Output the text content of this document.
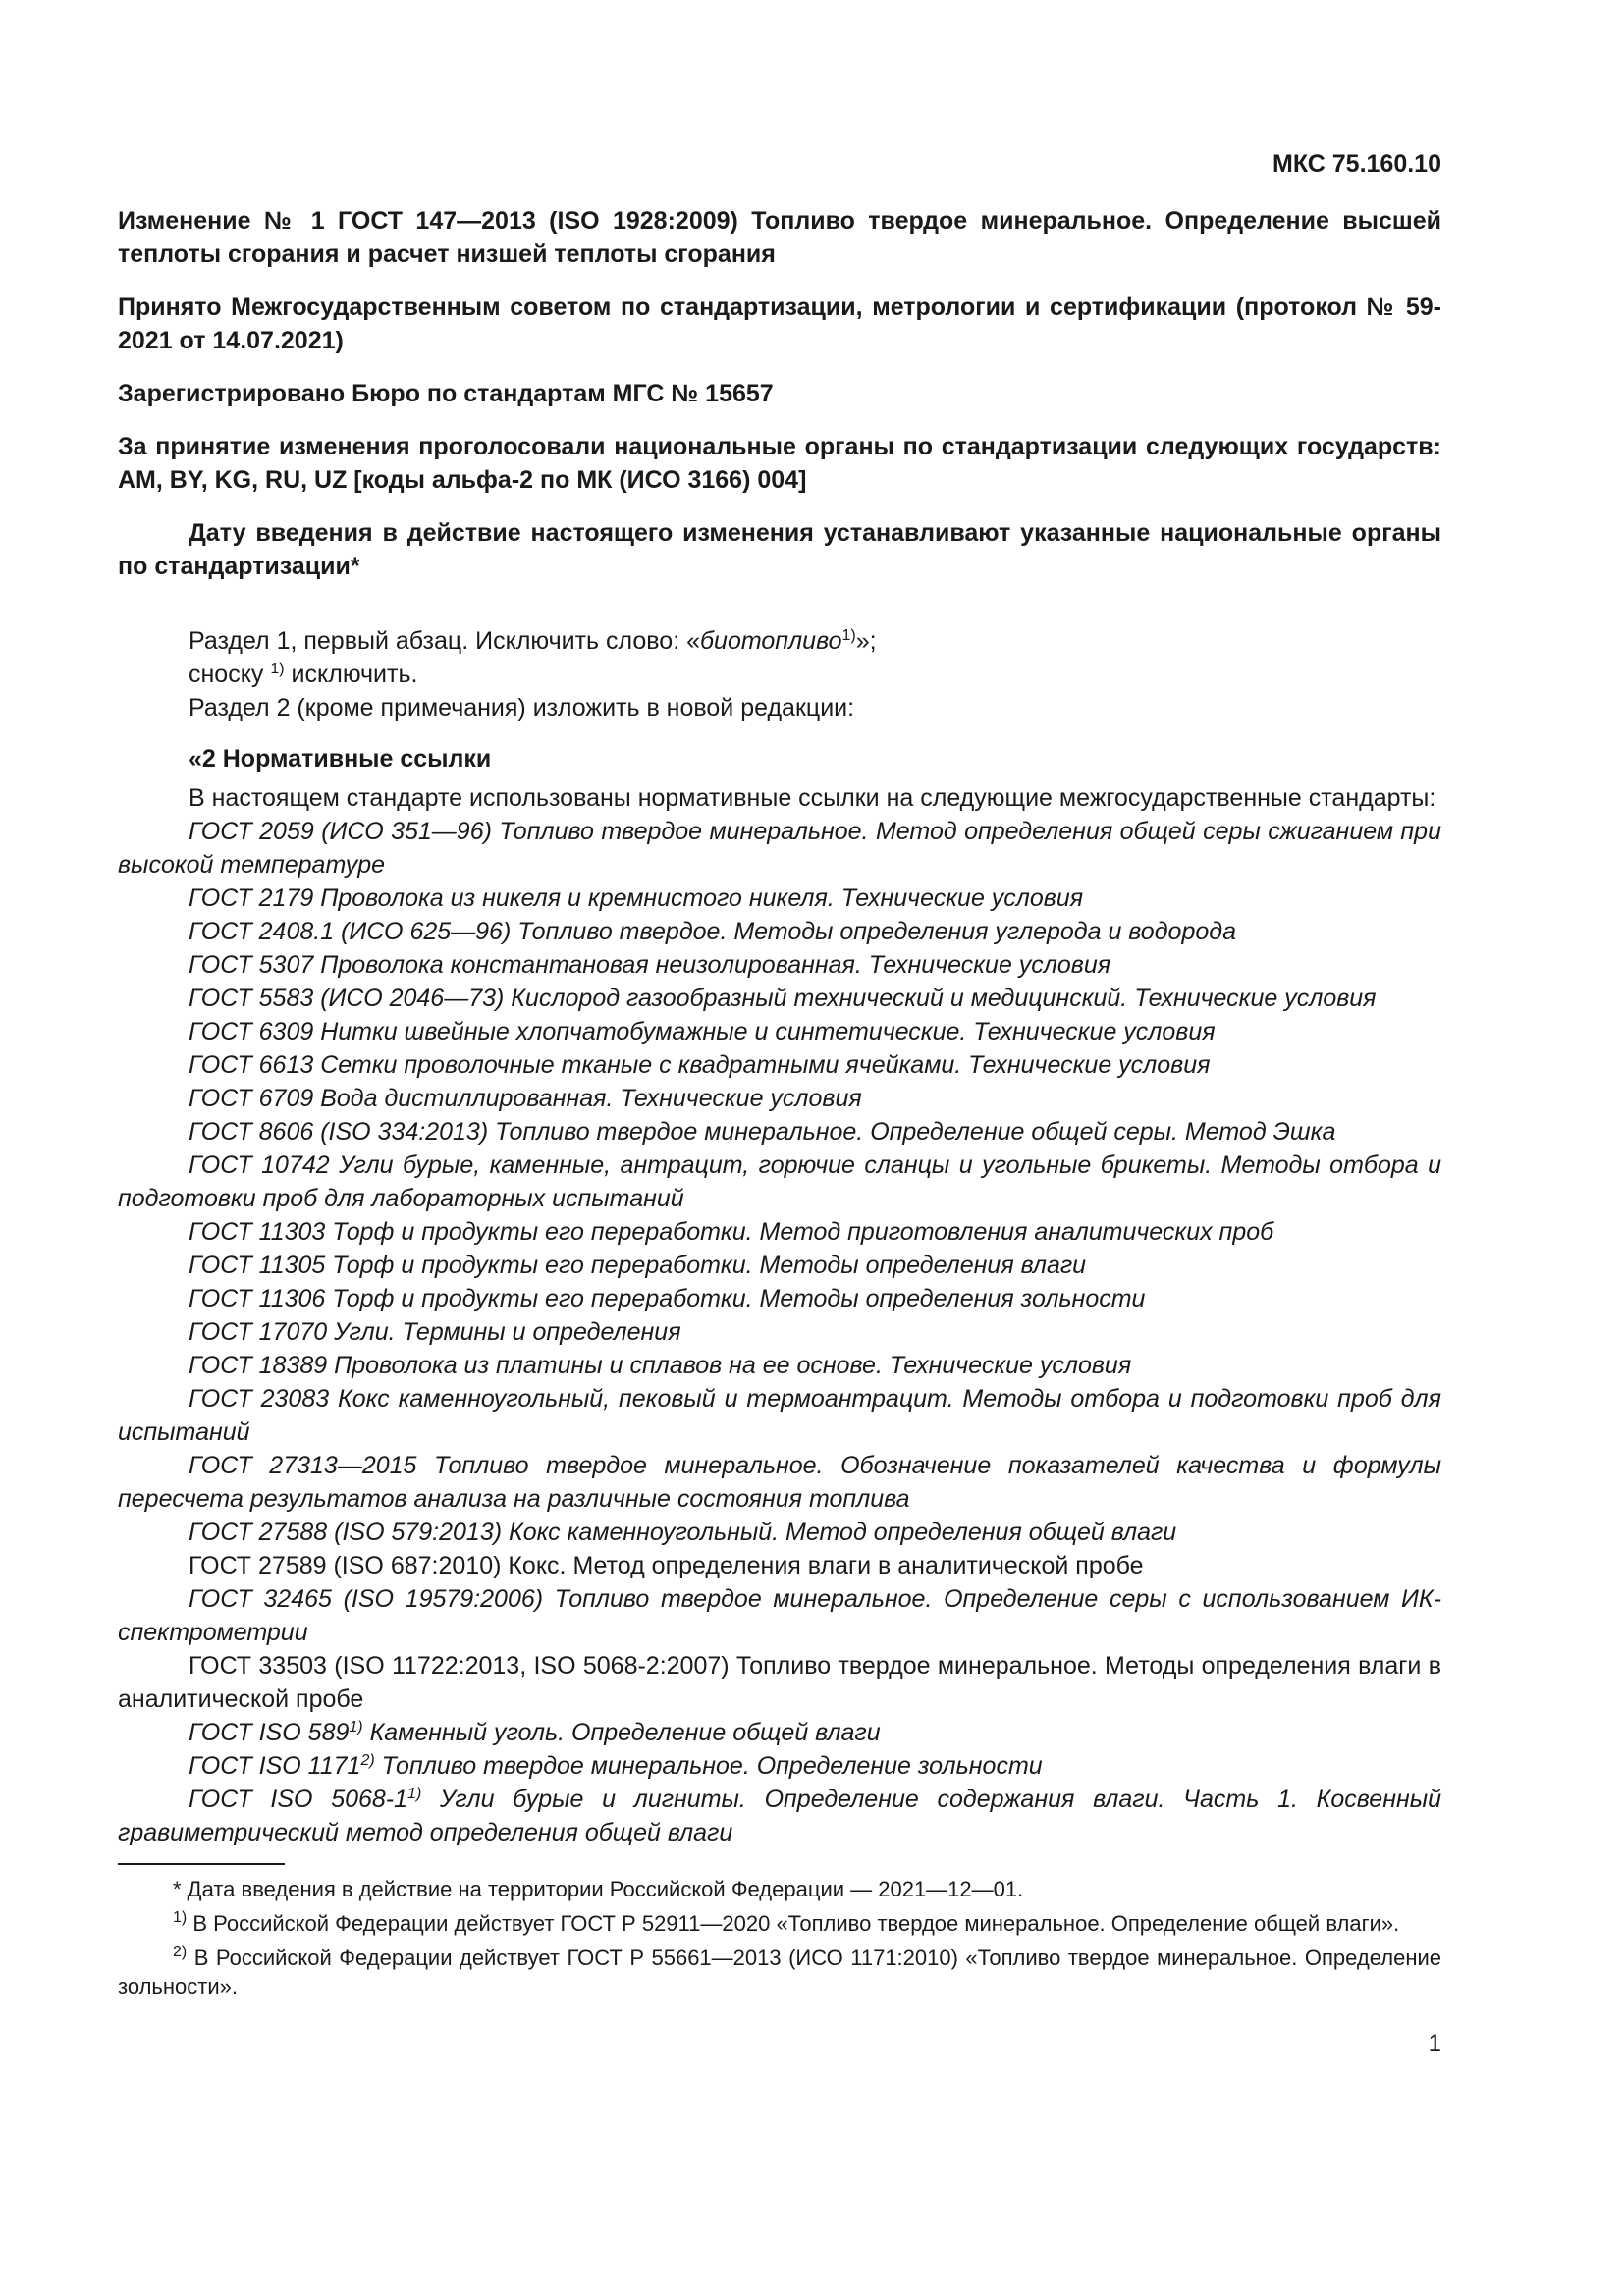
МКС 75.160.10

Изменение № 1 ГОСТ 147—2013 (ISO 1928:2009) Топливо твердое минеральное. Определение высшей теплоты сгорания и расчет низшей теплоты сгорания

Принято Межгосударственным советом по стандартизации, метрологии и сертификации (протокол № 59-2021 от 14.07.2021)

Зарегистрировано Бюро по стандартам МГС № 15657

За принятие изменения проголосовали национальные органы по стандартизации следующих государств: AM, BY, KG, RU, UZ [коды альфа-2 по МК (ИСО 3166) 004]

Дату введения в действие настоящего изменения устанавливают указанные национальные органы по стандартизации*

Раздел 1, первый абзац. Исключить слово: «биотопливо$^{1)}$»;

сноску $^{1)}$ исключить.

Раздел 2 (кроме примечания) изложить в новой редакции:

«2 Нормативные ссылки

В настоящем стандарте использованы нормативные ссылки на следующие межгосударственные стандарты:

ГОСТ 2059 (ИСО 351—96) Топливо твердое минеральное. Метод определения общей серы сжиганием при высокой температуре

ГОСТ 2179 Проволока из никеля и кремнистого никеля. Технические условия

ГОСТ 2408.1 (ИСО 625—96) Топливо твердое. Методы определения углерода и водорода

ГОСТ 5307 Проволока константановая неизолированная. Технические условия

ГОСТ 5583 (ИСО 2046—73) Кислород газообразный технический и медицинский. Технические условия

ГОСТ 6309 Нитки швейные хлопчатобумажные и синтетические. Технические условия

ГОСТ 6613 Сетки проволочные тканые с квадратными ячейками. Технические условия

ГОСТ 6709 Вода дистиллированная. Технические условия

ГОСТ 8606 (ISO 334:2013) Топливо твердое минеральное. Определение общей серы. Метод Эшка

ГОСТ 10742 Угли бурые, каменные, антрацит, горючие сланцы и угольные брикеты. Методы отбора и подготовки проб для лабораторных испытаний

ГОСТ 11303 Торф и продукты его переработки. Метод приготовления аналитических проб

ГОСТ 11305 Торф и продукты его переработки. Методы определения влаги

ГОСТ 11306 Торф и продукты его переработки. Методы определения зольности

ГОСТ 17070 Угли. Термины и определения

ГОСТ 18389 Проволока из платины и сплавов на ее основе. Технические условия

ГОСТ 23083 Кокс каменноугольный, пековый и термоантрацит. Методы отбора и подготовки проб для испытаний

ГОСТ 27313—2015 Топливо твердое минеральное. Обозначение показателей качества и формулы пересчета результатов анализа на различные состояния топлива

ГОСТ 27588 (ISO 579:2013) Кокс каменноугольный. Метод определения общей влаги

ГОСТ 27589 (ISO 687:2010) Кокс. Метод определения влаги в аналитической пробе

ГОСТ 32465 (ISO 19579:2006) Топливо твердое минеральное. Определение серы с использованием ИК-спектрометрии

ГОСТ 33503 (ISO 11722:2013, ISO 5068-2:2007) Топливо твердое минеральное. Методы определения влаги в аналитической пробе

ГОСТ ISO 589$^{1)}$ Каменный уголь. Определение общей влаги

ГОСТ ISO 1171$^{2)}$ Топливо твердое минеральное. Определение зольности

ГОСТ ISO 5068-1$^{1)}$ Угли бурые и лигниты. Определение содержания влаги. Часть 1. Косвенный гравиметрический метод определения общей влаги

* Дата введения в действие на территории Российской Федерации — 2021—12—01.

$^{1)}$ В Российской Федерации действует ГОСТ Р 52911—2020 «Топливо твердое минеральное. Определение общей влаги».

$^{2)}$ В Российской Федерации действует ГОСТ Р 55661—2013 (ИСО 1171:2010) «Топливо твердое минеральное. Определение зольности».

1
